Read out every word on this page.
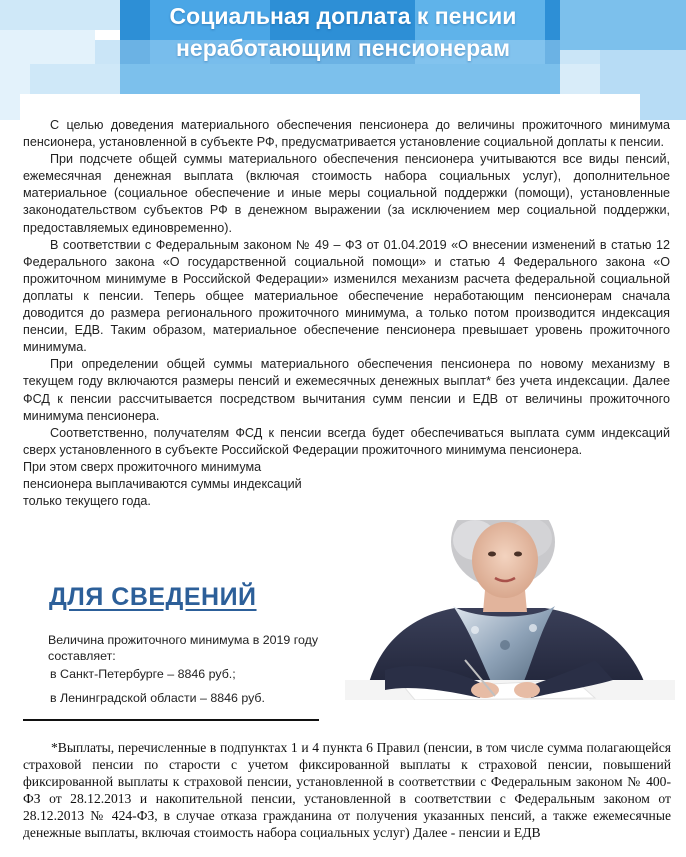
Социальная доплата к пенсии
неработающим пенсионерам

С целью доведения материального обеспечения пенсионера до величины прожиточного минимума пенсионера, установленной в субъекте РФ, предусматривается установление социальной доплаты к пенсии.

При подсчете общей суммы материального обеспечения пенсионера учитываются все виды пенсий, ежемесячная денежная выплата (включая стоимость набора социальных услуг), дополнительное материальное (социальное обеспечение и иные меры социальной поддержки (помощи), установленные законодательством субъектов РФ в денежном выражении (за исключением мер социальной поддержки, предоставляемых единовременно).

В соответствии с Федеральным законом № 49 – ФЗ от 01.04.2019 «О внесении изменений в статью 12 Федерального закона «О государственной социальной помощи» и статью 4 Федерального закона «О прожиточном минимуме в Российской Федерации» изменился механизм расчета федеральной социальной доплаты к пенсии. Теперь общее материальное обеспечение неработающим пенсионерам сначала доводится до размера регионального прожиточного минимума, а только потом производится индексация пенсии, ЕДВ. Таким образом, материальное обеспечение пенсионера превышает уровень прожиточного минимума.

При определении общей суммы материального обеспечения пенсионера по новому механизму в текущем году включаются размеры пенсий и ежемесячных денежных выплат* без учета индексации. Далее ФСД к пенсии рассчитывается посредством вычитания сумм пенсии и ЕДВ от величины прожиточного минимума пенсионера.

Соответственно, получателям ФСД к пенсии всегда будет обеспечиваться выплата сумм индексаций сверх установленного в субъекте Российской Федерации прожиточного минимума пенсионера.

При этом сверх прожиточного минимума пенсионера выплачиваются суммы индексаций только текущего года.

ДЛЯ СВЕДЕНИЙ
Величина прожиточного минимума в 2019 году составляет:
в Санкт-Петербурге – 8846 руб.;
в Ленинградской области – 8846 руб.

*Выплаты, перечисленные в подпунктах 1 и 4 пункта 6 Правил (пенсии, в том числе сумма полагающейся страховой пенсии по старости с учетом фиксированной выплаты к страховой пенсии, повышений фиксированной выплаты к страховой пенсии, установленной в соответствии с Федеральным законом № 400-ФЗ от 28.12.2013 и накопительной пенсии, установленной в соответствии с Федеральным законом от 28.12.2013 № 424-ФЗ, в случае отказа гражданина от получения указанных пенсий, а также ежемесячные денежные выплаты, включая стоимость набора социальных услуг) Далее - пенсии и ЕДВ
